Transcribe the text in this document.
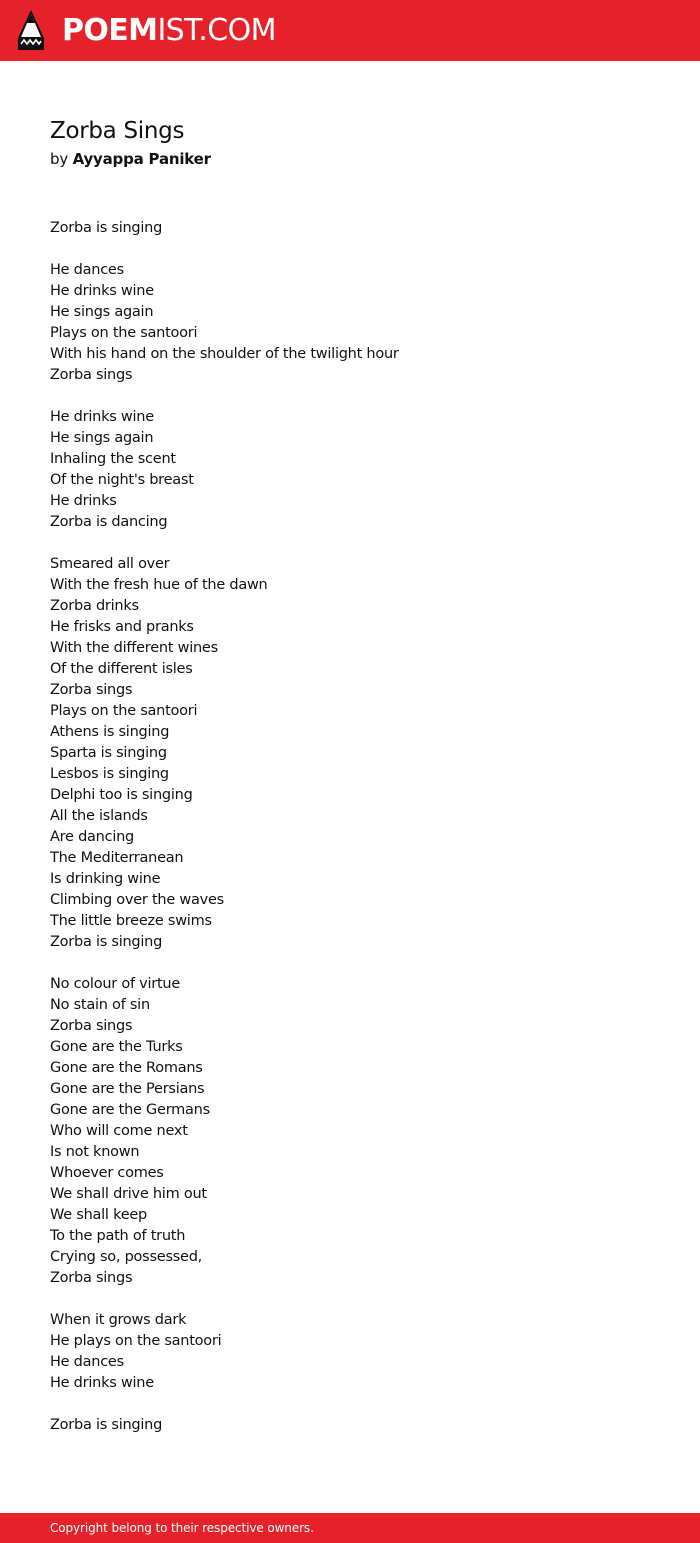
POEMIST.COM
Zorba Sings
by Ayyappa Paniker
Zorba is singing
He dances
He drinks wine
He sings again
Plays on the santoori
With his hand on the shoulder of the twilight hour
Zorba sings
He drinks wine
He sings again
Inhaling the scent
Of the night's breast
He drinks
Zorba is dancing
Smeared all over
With the fresh hue of the dawn
Zorba drinks
He frisks and pranks
With the different wines
Of the different isles
Zorba sings
Plays on the santoori
Athens is singing
Sparta is singing
Lesbos is singing
Delphi too is singing
All the islands
Are dancing
The Mediterranean
Is drinking wine
Climbing over the waves
The little breeze swims
Zorba is singing
No colour of virtue
No stain of sin
Zorba sings
Gone are the Turks
Gone are the Romans
Gone are the Persians
Gone are the Germans
Who will come next
Is not known
Whoever comes
We shall drive him out
We shall keep
To the path of truth
Crying so, possessed,
Zorba sings
When it grows dark
He plays on the santoori
He dances
He drinks wine
Zorba is singing
Copyright belong to their respective owners.
